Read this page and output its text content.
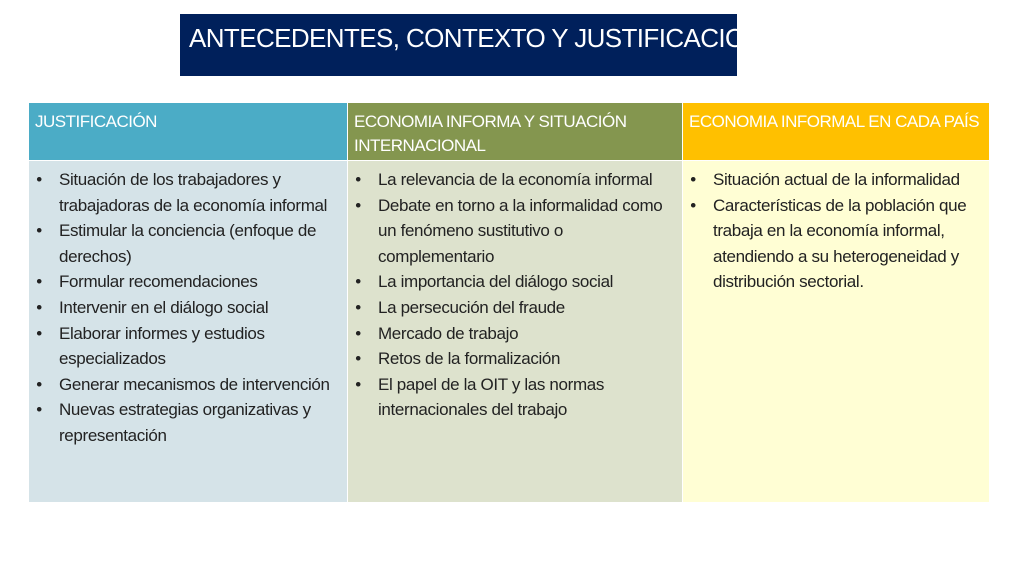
ANTECEDENTES, CONTEXTO Y JUSTIFICACION
JUSTIFICACIÓN	ECONOMIA INFORMA Y SITUACIÓN INTERNACIONAL
ECONOMIA INFORMAL EN CADA PAÍS
• Situación de los trabajadores y trabajadoras de la economía informal
• Estimular la conciencia (enfoque de derechos)
• Formular recomendaciones
• Intervenir en el diálogo social
• Elaborar informes y estudios especializados
• Generar mecanismos de intervención
• Nuevas estrategias organizativas y representación
• La relevancia de la economía informal
• Debate en torno a la informalidad como un fenómeno sustitutivo o complementario
• La importancia del diálogo social
• La persecución del fraude
• Mercado de trabajo
• Retos de la formalización
• El papel de la OIT y las normas internacionales del trabajo
• Situación actual de la informalidad
• Características de la población que trabaja en la economía informal, atendiendo a su heterogeneidad y distribución sectorial.
